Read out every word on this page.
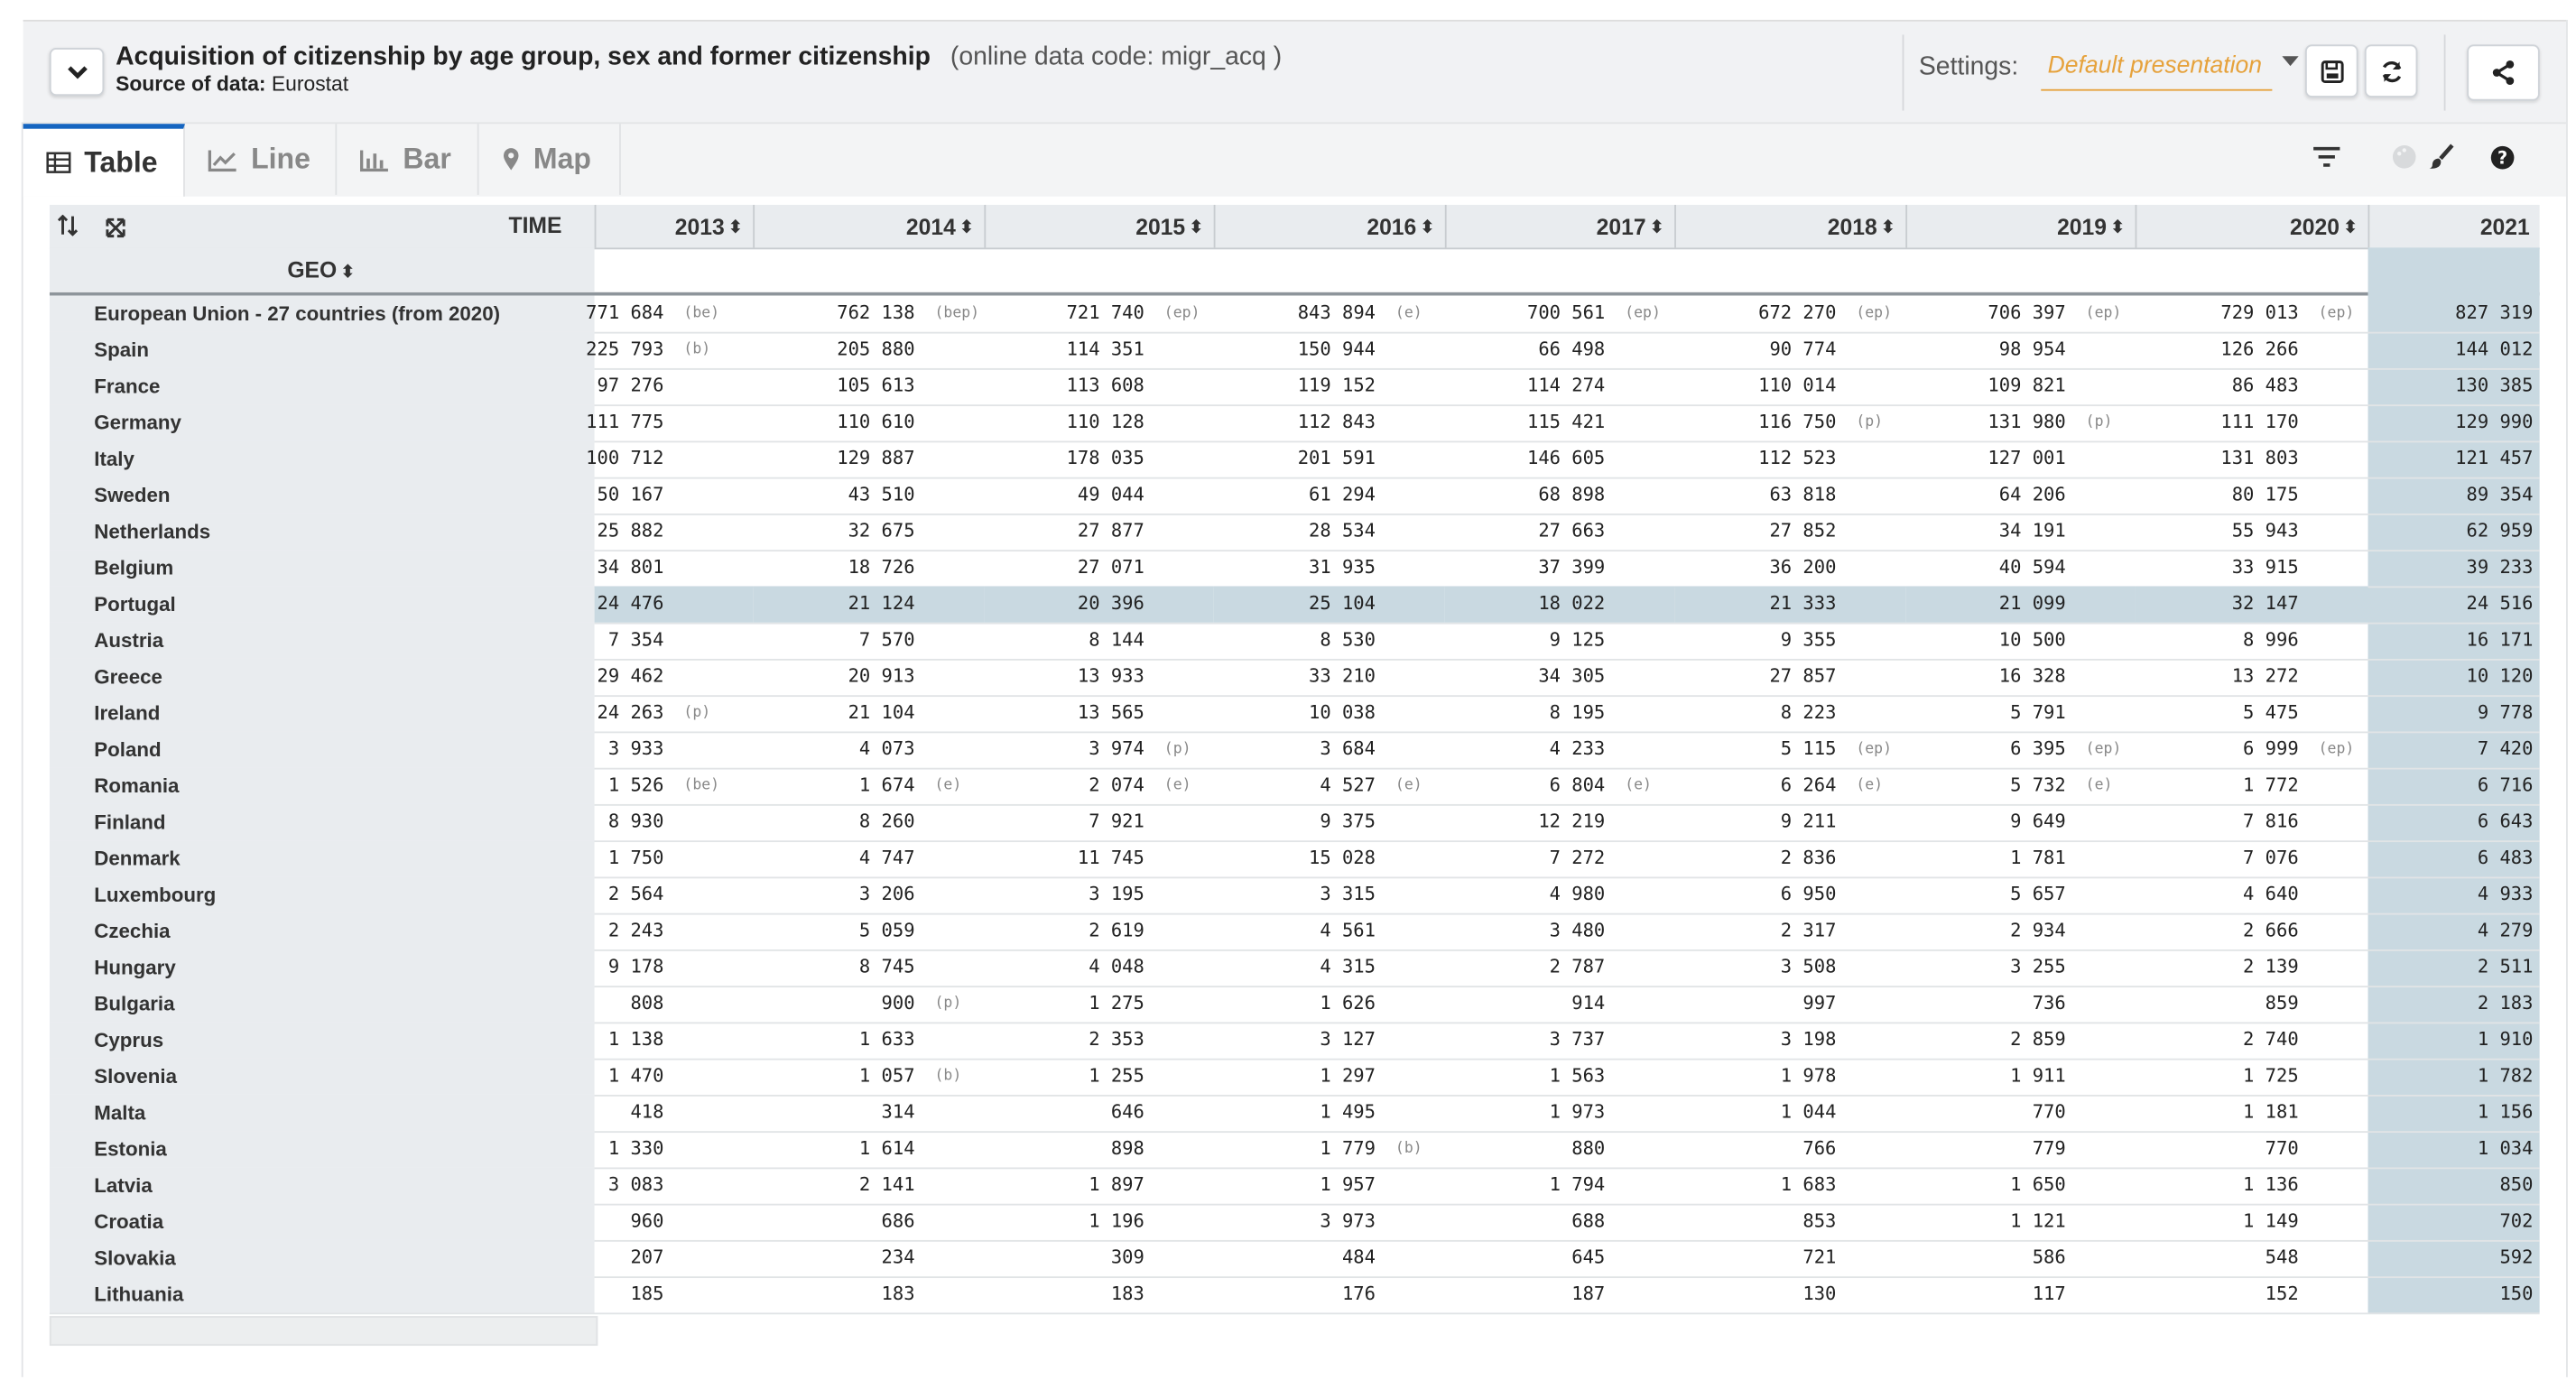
Acquisition of citizenship by age group, sex and former citizenship (online data code: migr_acq )
Source of data: Eurostat
Settings: Default presentation
Table	Line	Bar	Map	?
TIME	2013 ⬍	2014 ⬍	2015 ⬍	2016 ⬍	2017 ⬍	2018 ⬍	2019 ⬍	2020 ⬍	2021
GEO ⬍
European Union - 27 countries (from 2020)	771 684 (be)	762 138 (bep)	721 740 (ep)	843 894 (e)	700 561 (ep)	672 270 (ep)	706 397 (ep)	729 013 (ep)	827 319
Spain	225 793 (b)	205 880	114 351	150 944	66 498	90 774	98 954	126 266	144 012
France	97 276	105 613	113 608	119 152	114 274	110 014	109 821	86 483	130 385
Germany	111 775	110 610	110 128	112 843	115 421	116 750 (p)	131 980 (p)	111 170	129 990
Italy	100 712	129 887	178 035	201 591	146 605	112 523	127 001	131 803	121 457
Sweden	50 167	43 510	49 044	61 294	68 898	63 818	64 206	80 175	89 354
Netherlands	25 882	32 675	27 877	28 534	27 663	27 852	34 191	55 943	62 959
Belgium	34 801	18 726	27 071	31 935	37 399	36 200	40 594	33 915	39 233
Portugal	24 476	21 124	20 396	25 104	18 022	21 333	21 099	32 147	24 516
Austria	7 354	7 570	8 144	8 530	9 125	9 355	10 500	8 996	16 171
Greece	29 462	20 913	13 933	33 210	34 305	27 857	16 328	13 272	10 120
Ireland	24 263 (p)	21 104	13 565	10 038	8 195	8 223	5 791	5 475	9 778
Poland	3 933	4 073	3 974 (p)	3 684	4 233	5 115 (ep)	6 395 (ep)	6 999 (ep)	7 420
Romania	1 526 (be)	1 674 (e)	2 074 (e)	4 527 (e)	6 804 (e)	6 264 (e)	5 732 (e)	1 772	6 716
Finland	8 930	8 260	7 921	9 375	12 219	9 211	9 649	7 816	6 643
Denmark	1 750	4 747	11 745	15 028	7 272	2 836	1 781	7 076	6 483
Luxembourg	2 564	3 206	3 195	3 315	4 980	6 950	5 657	4 640	4 933
Czechia	2 243	5 059	2 619	4 561	3 480	2 317	2 934	2 666	4 279
Hungary	9 178	8 745	4 048	4 315	2 787	3 508	3 255	2 139	2 511
Bulgaria	808	900 (p)	1 275	1 626	914	997	736	859	2 183
Cyprus	1 138	1 633	2 353	3 127	3 737	3 198	2 859	2 740	1 910
Slovenia	1 470	1 057 (b)	1 255	1 297	1 563	1 978	1 911	1 725	1 782
Malta	418	314	646	1 495	1 973	1 044	770	1 181	1 156
Estonia	1 330	1 614	898	1 779 (b)	880	766	779	770	1 034
Latvia	3 083	2 141	1 897	1 957	1 794	1 683	1 650	1 136	850
Croatia	960	686	1 196	3 973	688	853	1 121	1 149	702
Slovakia	207	234	309	484	645	721	586	548	592
Lithuania	185	183	183	176	187	130	117	152	150
